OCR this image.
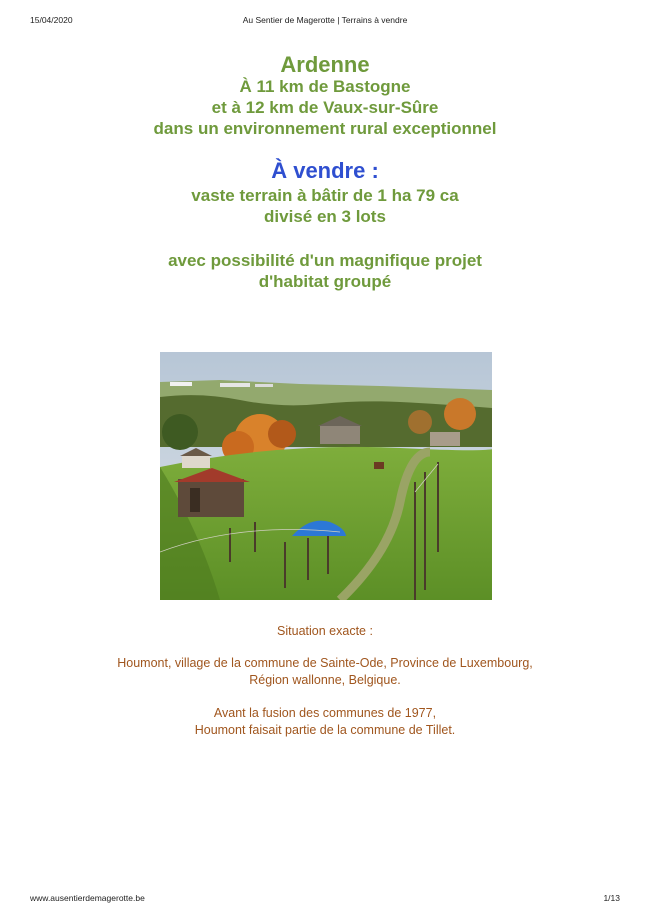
15/04/2020	Au Sentier de Magerotte | Terrains à vendre
Ardenne
À 11 km de Bastogne
et à 12 km de Vaux-sur-Sûre
dans un environnement rural exceptionnel
À vendre :
vaste terrain à bâtir de 1 ha 79 ca
divisé en 3 lots
avec possibilité d'un magnifique projet
d'habitat groupé
Situation exacte :
Houmont, village de la commune de Sainte-Ode, Province de Luxembourg,
Région wallonne, Belgique.
Avant la fusion des communes de 1977,
Houmont faisait partie de la commune de Tillet.
www.ausentierdemagerotte.be	1/13
